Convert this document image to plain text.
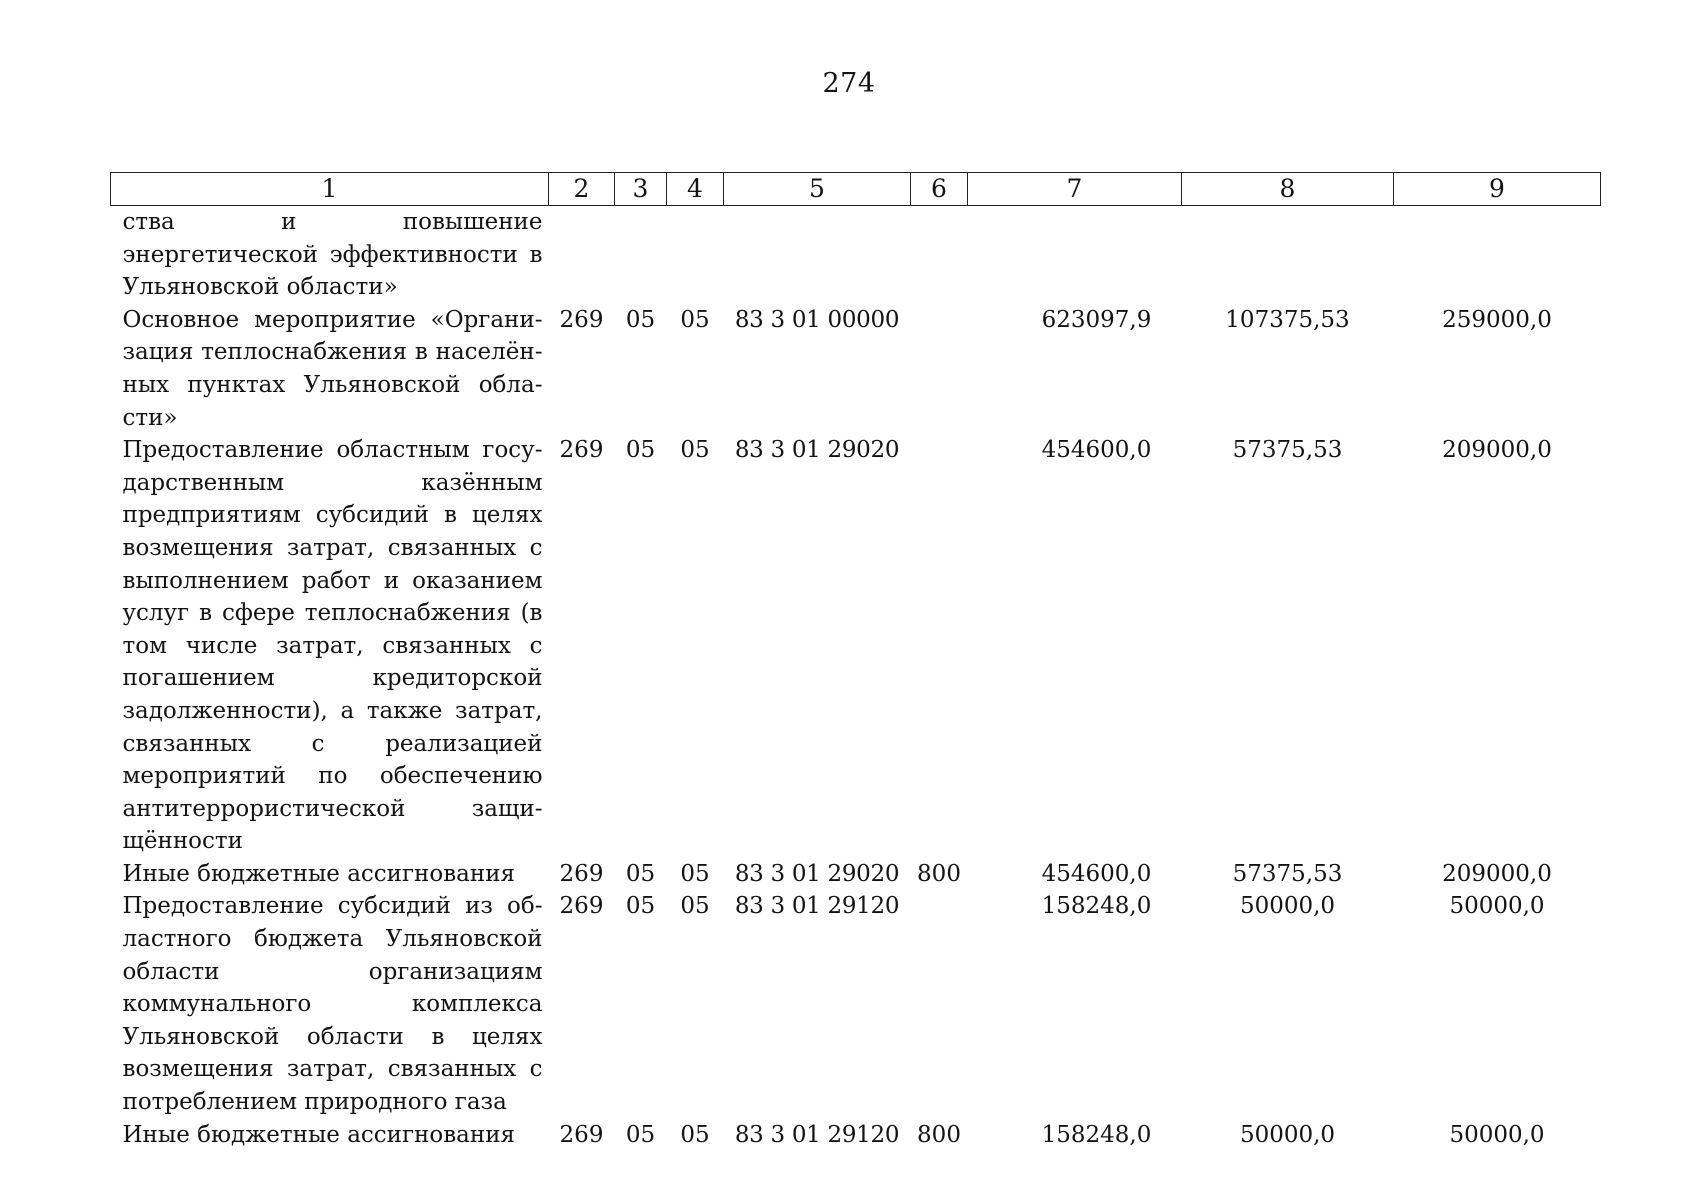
274
1	2	3	4	5	6	7	8	9
ства и повышение энергетической эффективности в Ульяновской области»								
Основное мероприятие «Организация теплоснабжения в населённых пунктах Ульяновской области»	269	05	05	83 3 01 00000		623097,9	107375,53	259000,0
Предоставление областным государственным казённым предприятиям субсидий в целях возмещения затрат, связанных с выполнением работ и оказанием услуг в сфере теплоснабжения (в том числе затрат, связанных с погашением кредиторской задолженности), а также затрат, связанных с реализацией мероприятий по обеспечению антитеррористической защищённости	269	05	05	83 3 01 29020		454600,0	57375,53	209000,0
Иные бюджетные ассигнования	269	05	05	83 3 01 29020	800	454600,0	57375,53	209000,0
Предоставление субсидий из областного бюджета Ульяновской области организациям коммунального комплекса Ульяновской области в целях возмещения затрат, связанных с потреблением природного газа	269	05	05	83 3 01 29120		158248,0	50000,0	50000,0
Иные бюджетные ассигнования	269	05	05	83 3 01 29120	800	158248,0	50000,0	50000,0
